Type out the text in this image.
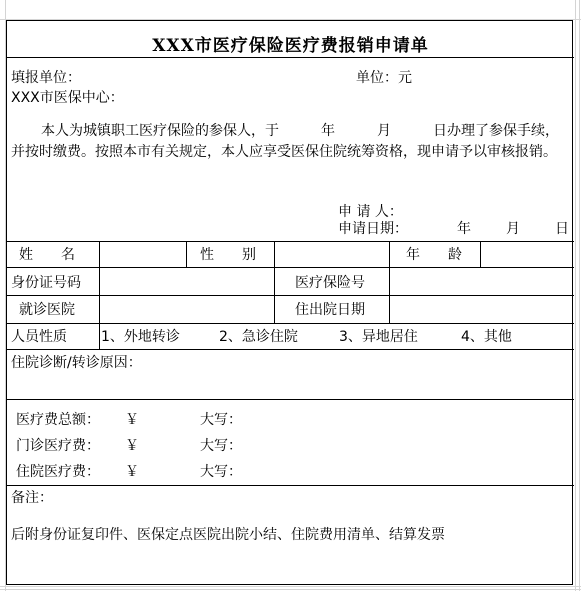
XXX市医疗保险医疗费报销申请单
填报单位：	单位：元
XXX市医保中心：
本人为城镇职工医疗保险的参保人，于　　　年　　　月　　　日办理了参保手续，并按时缴费。按照本市有关规定，本人应享受医保住院统筹资格，现申请予以审核报销。
申 请 人：
申请日期：	年	月	日
姓　　名	性　　别	年　　龄
身份证号码	医疗保险号
就诊医院	住出院日期
人员性质 1、外地转诊	2、急诊住院	3、异地居住	4、其他
住院诊断/转诊原因：
医疗费总额： ￥	大写：
门诊医疗费： ￥	大写：
住院医疗费： ￥	大写：
备注：
后附身份证复印件、医保定点医院出院小结、住院费用清单、结算发票
